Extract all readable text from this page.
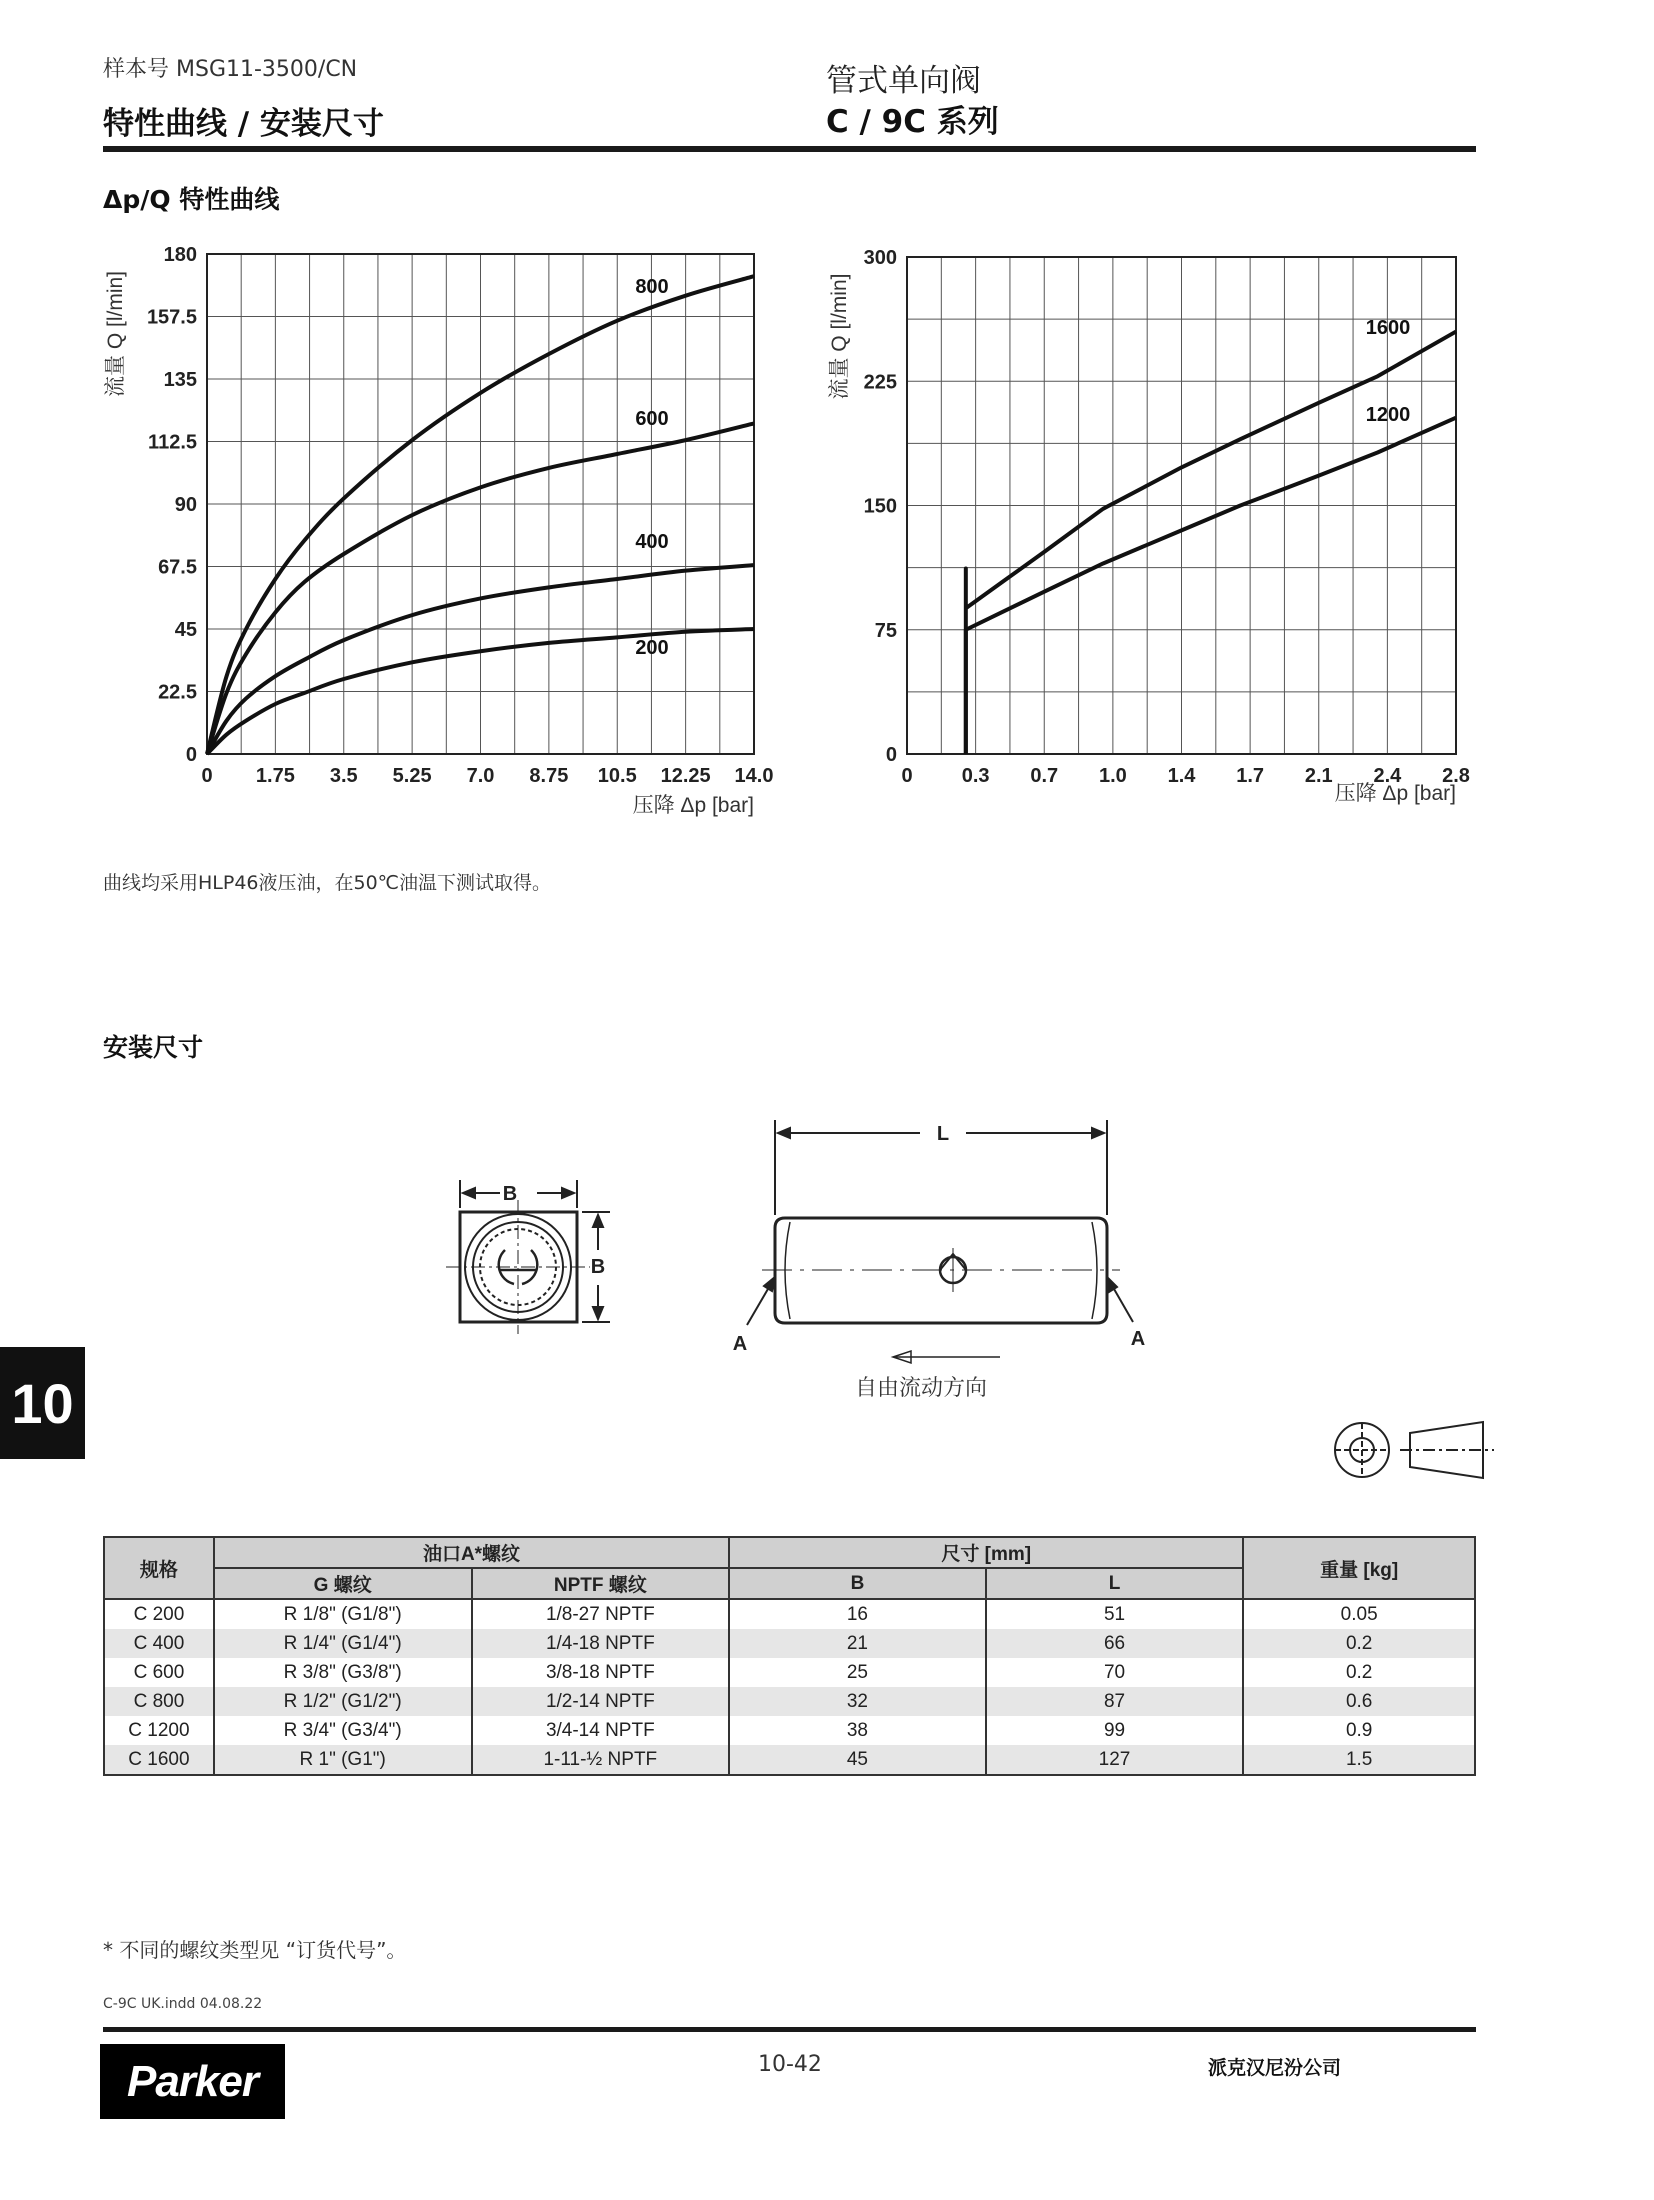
样本号 MSG11-3500/CN
特性曲线 / 安装尺寸
管式单向阀
C / 9C 系列
Δp/Q 特性曲线
0 1.75 3.5 5.25 7.0 8.75 10.5 12.25 14.0
0
22.5
45
67.5
90
112.5
135
157.5
180
流量 Q [l/min]
压降 Δp [bar]
800
600
400
200
0 0.3 0.7 1.0 1.4 1.7 2.1 2.4 2.8
0
75
150
225
300
流量 Q [l/min]
压降 Δp [bar]
1600
1200
曲线均采用HLP46液压油，在50℃油温下测试取得。
安装尺寸
B
B
L
A	A
自由流动方向
10
规格	油口A*螺纹		尺寸 [mm]		重量 [kg]
	G 螺纹	NPTF 螺纹	B	L	
C 200	R 1/8" (G1/8")	1/8-27 NPTF	16	51	0.05
C 400	R 1/4" (G1/4")	1/4-18 NPTF	21	66	0.2
C 600	R 3/8" (G3/8")	3/8-18 NPTF	25	70	0.2
C 800	R 1/2" (G1/2")	1/2-14 NPTF	32	87	0.6
C 1200	R 3/4" (G3/4")	3/4-14 NPTF	38	99	0.9
C 1600	R 1" (G1")	1-11-½ NPTF	45	127	1.5
* 不同的螺纹类型见 “订货代号”。
C-9C UK.indd 04.08.22
10-42	派克汉尼汾公司
Parker
